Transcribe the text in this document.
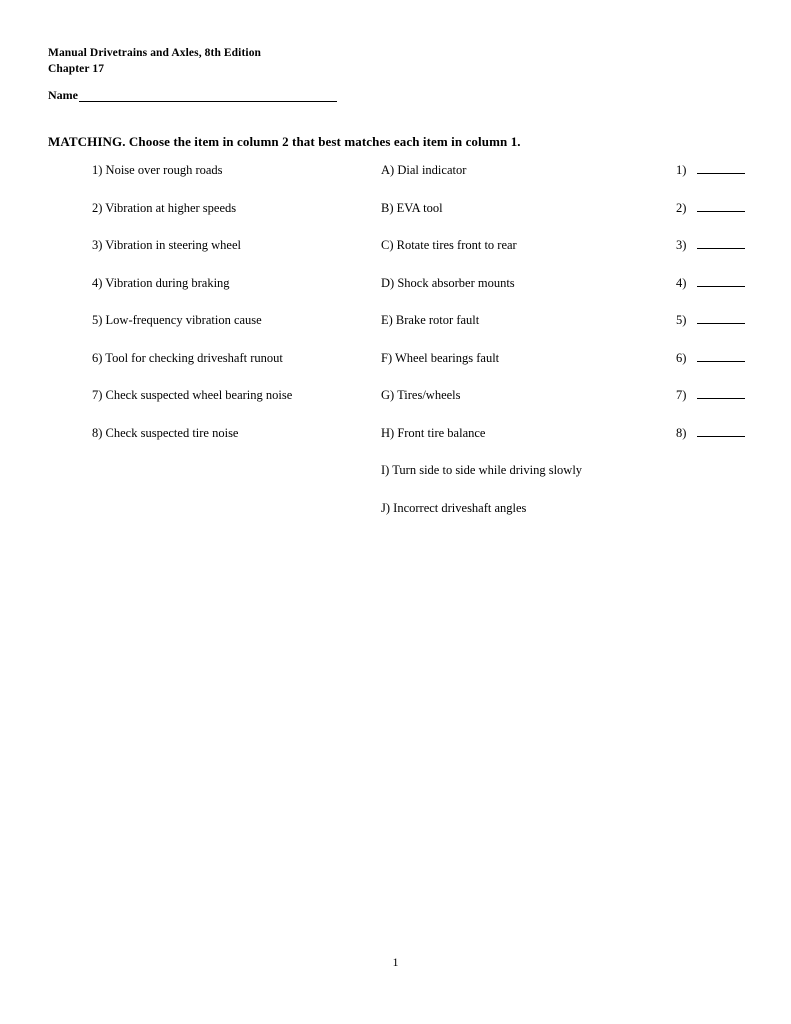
Manual Drivetrains and Axles, 8th Edition
Chapter 17
Name
MATCHING. Choose the item in column 2 that best matches each item in column 1.
1) Noise over rough roads
2) Vibration at higher speeds
3) Vibration in steering wheel
4) Vibration during braking
5) Low-frequency vibration cause
6) Tool for checking driveshaft runout
7) Check suspected wheel bearing noise
8) Check suspected tire noise
A) Dial indicator
B) EVA tool
C) Rotate tires front to rear
D) Shock absorber mounts
E) Brake rotor fault
F) Wheel bearings fault
G) Tires/wheels
H) Front tire balance
I) Turn side to side while driving slowly
J) Incorrect driveshaft angles
1)
2)
3)
4)
5)
6)
7)
8)
1
